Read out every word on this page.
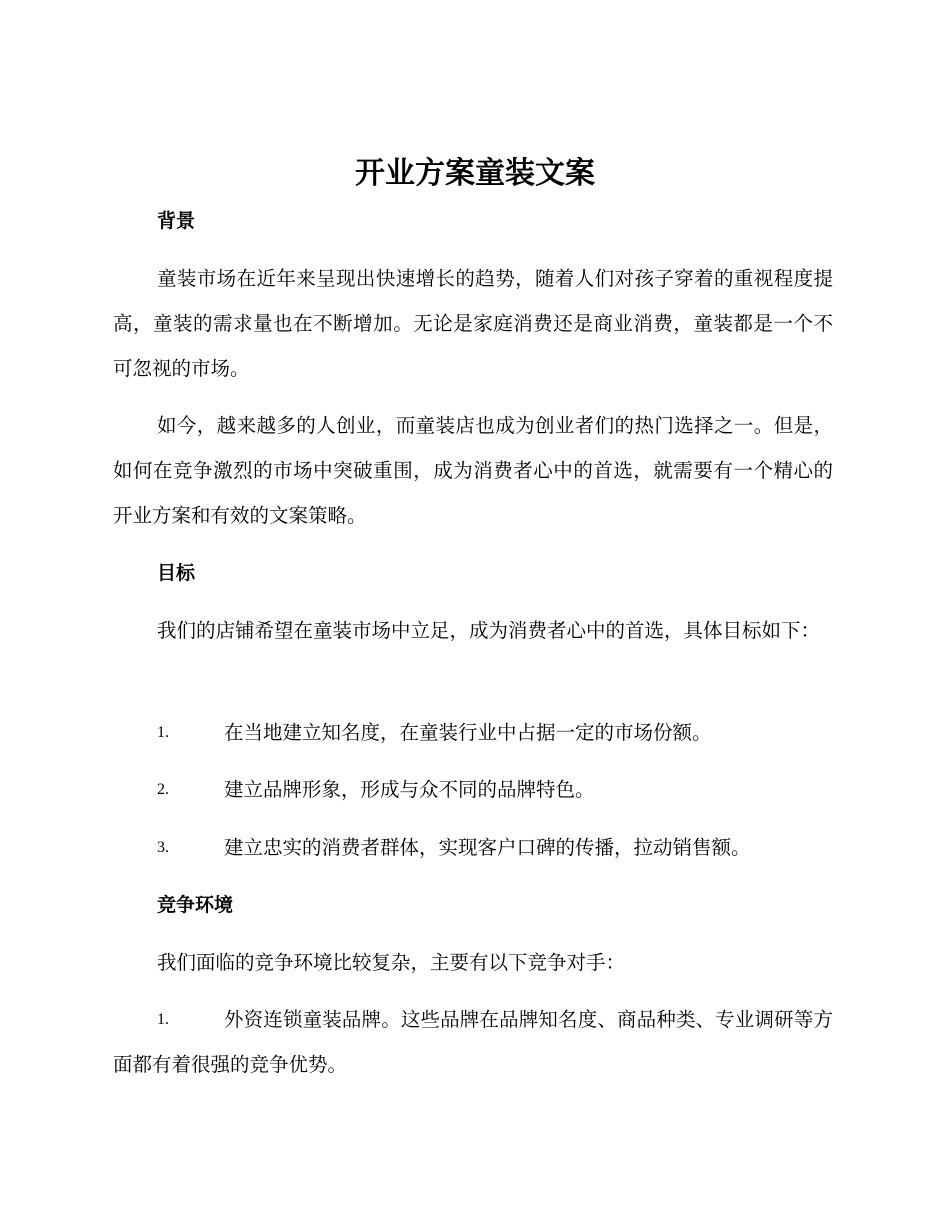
开业方案童装文案
背景

童装市场在近年来呈现出快速增长的趋势，随着人们对孩子穿着的重视程度提高，童装的需求量也在不断增加。无论是家庭消费还是商业消费，童装都是一个不可忽视的市场。

如今，越来越多的人创业，而童装店也成为创业者们的热门选择之一。但是，如何在竞争激烈的市场中突破重围，成为消费者心中的首选，就需要有一个精心的开业方案和有效的文案策略。

目标

我们的店铺希望在童装市场中立足，成为消费者心中的首选，具体目标如下：

1.	在当地建立知名度，在童装行业中占据一定的市场份额。
2.	建立品牌形象，形成与众不同的品牌特色。
3.	建立忠实的消费者群体，实现客户口碑的传播，拉动销售额。
竞争环境

我们面临的竞争环境比较复杂，主要有以下竞争对手：

1.	外资连锁童装品牌。这些品牌在品牌知名度、商品种类、专业调研等方面都有着很强的竞争优势。
